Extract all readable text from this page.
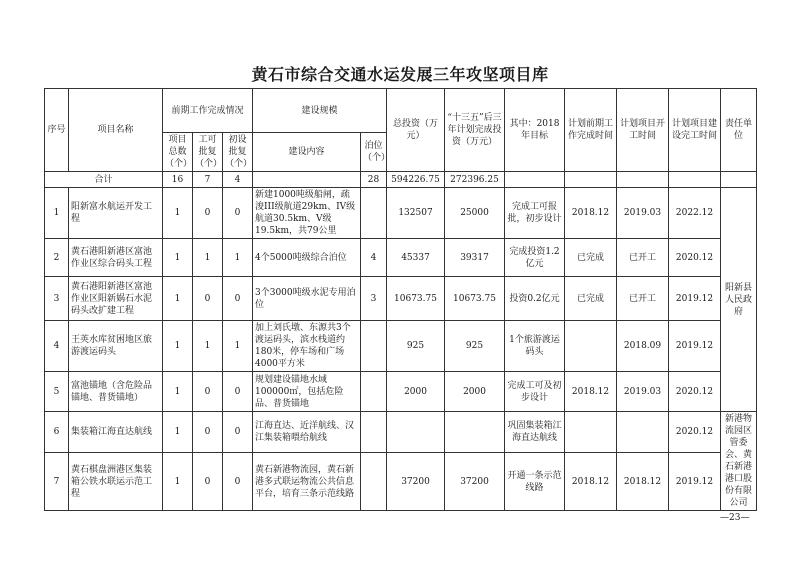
黄石市综合交通水运发展三年攻坚项目库
序号	项目名称	前期工作完成情况			建设规模		总投资（万元）	“十三五”后三年计划完成投资（万元）	其中：2018年目标	计划前期工作完成时间	计划项目开工时间	计划项目建设完工时间	责任单位
		项目总数（个）	工可批复（个）	初设批复（个）	建设内容	泊位（个）							
合计		16	7	4		28	594226.75	272396.25					
1	阳新富水航运开发工程	1	0	0	新建1000吨级船闸，疏浚III级航道29km、IV级航道30.5km、V级19.5km，共79公里		132507	25000	完成工可报批，初步设计	2018.12	2019.03	2022.12	阳新县人民政府
2	黄石港阳新港区富池作业区综合码头工程	1	1	1	4个5000吨级综合泊位	4	45337	39317	完成投资1.2亿元	已完成	已开工	2020.12	
3	黄石港阳新港区富池作业区阳新娲石水泥码头改扩建工程	1	0	0	3个3000吨级水泥专用泊位	3	10673.75	10673.75	投资0.2亿元	已完成	已开工	2019.12	
4	王英水库贫困地区旅游渡运码头	1	1	1	加上刘氏墩、东源共3个渡运码头，滨水栈道约180米，停车场和广场4000平方米		925	925	1个旅游渡运码头		2018.09	2019.12	
5	富池锚地（含危险品锚地、普货锚地）	1	0	0	规划建设锚地水域100000㎡，包括危险品、普货锚地		2000	2000	完成工可及初步设计	2018.12	2019.03	2020.12	
6	集装箱江海直达航线	1	0	0	江海直达、近洋航线、汉江集装箱喂给航线				巩固集装箱江海直达航线			2020.12	新港物流园区管委会、黄石新港港口股份有限公司
7	黄石棋盘洲港区集装箱公铁水联运示范工程	1	0	0	黄石新港物流园，黄石新港多式联运物流公共信息平台，培育三条示范线路		37200	37200	开通一条示范线路	2018.12	2018.12	2019.12	
—23—
